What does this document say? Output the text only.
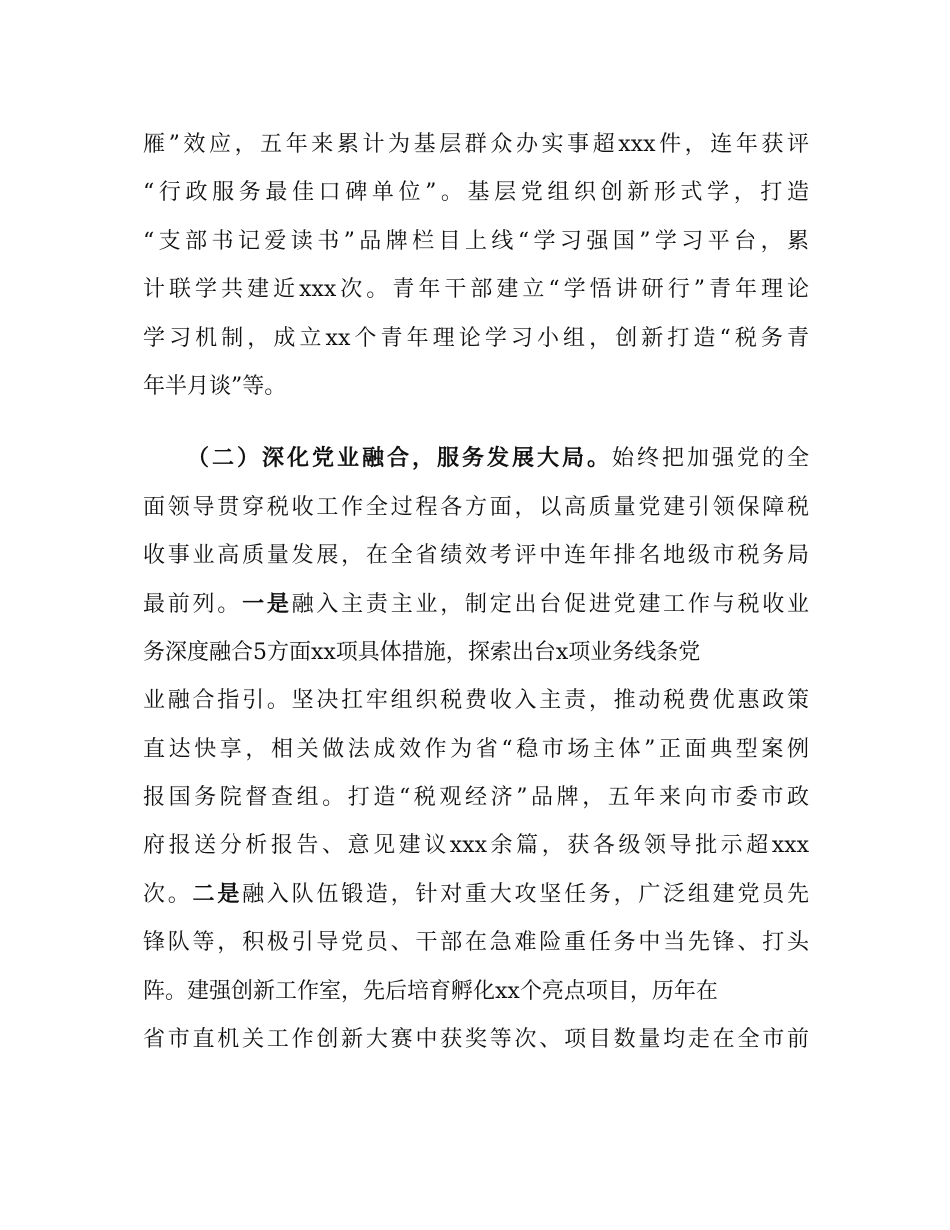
雁”效应，五年来累计为基层群众办实事超xxx件，连年获评
“行政服务最佳口碑单位”。基层党组织创新形式学，打造
“支部书记爱读书”品牌栏目上线“学习强国”学习平台，累
计联学共建近xxx次。青年干部建立“学悟讲研行”青年理论
学习机制，成立xx个青年理论学习小组，创新打造“税务青
年半月谈”等。
（二）深化党业融合，服务发展大局。始终把加强党的全
面领导贯穿税收工作全过程各方面，以高质量党建引领保障税
收事业高质量发展，在全省绩效考评中连年排名地级市税务局
最前列。一是融入主责主业，制定出台促进党建工作与税收业
务深度融合5方面xx项具体措施，探索出台x项业务线条党
业融合指引。坚决扛牢组织税费收入主责，推动税费优惠政策
直达快享，相关做法成效作为省“稳市场主体”正面典型案例
报国务院督查组。打造“税观经济”品牌，五年来向市委市政
府报送分析报告、意见建议xxx余篇，获各级领导批示超xxx
次。二是融入队伍锻造，针对重大攻坚任务，广泛组建党员先
锋队等，积极引导党员、干部在急难险重任务中当先锋、打头
阵。建强创新工作室，先后培育孵化xx个亮点项目，历年在
省市直机关工作创新大赛中获奖等次、项目数量均走在全市前
